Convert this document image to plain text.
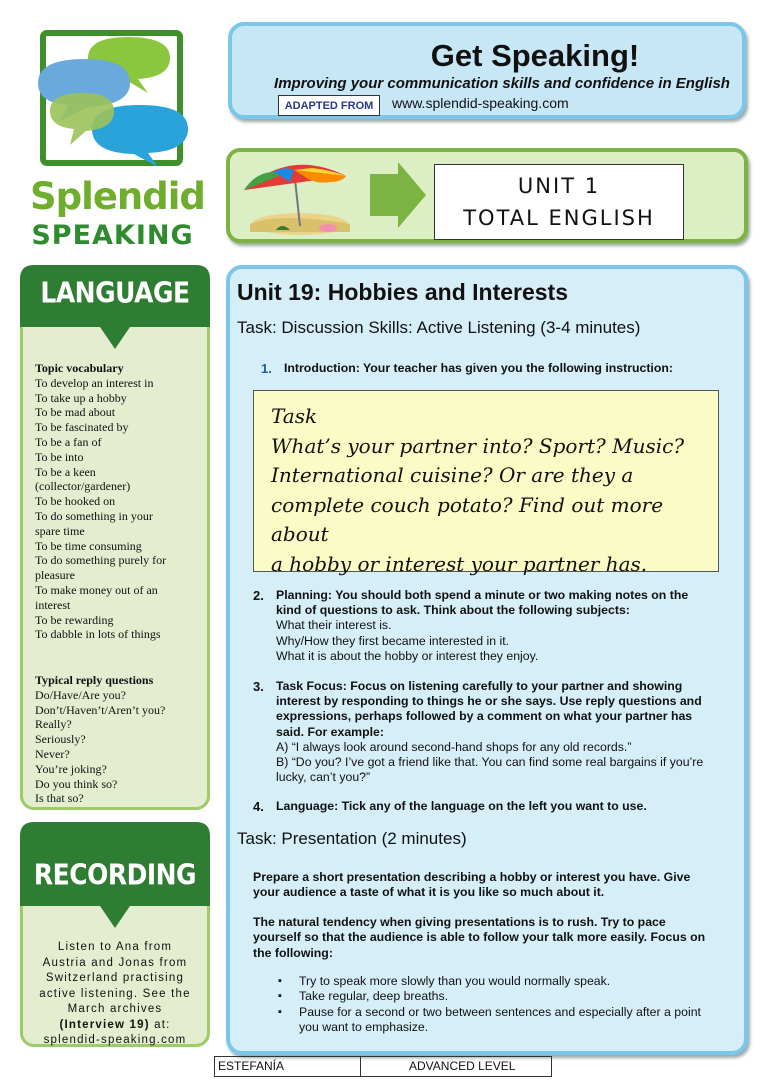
Splendid
SPEAKING
Get Speaking!
Improving your communication skills and confidence in English
ADAPTED FROM	www.splendid-speaking.com
UNIT 1
TOTAL ENGLISH
LANGUAGE
Topic vocabulary
To develop an interest in
To take up a hobby
To be mad about
To be fascinated by
To be a fan of
To be into
To be a keen
(collector/gardener)
To be hooked on
To do something in your
spare time
To be time consuming
To do something purely for
pleasure
To make money out of an
interest
To be rewarding
To dabble in lots of things
Typical reply questions
Do/Have/Are you?
Don’t/Haven’t/Aren’t you?
Really?
Seriously?
Never?
You’re joking?
Do you think so?
Is that so?
RECORDING
Listen to Ana from
Austria and Jonas from
Switzerland practising
active listening. See the
March archives
(Interview 19) at:
splendid-speaking.com
Unit 19: Hobbies and Interests
Task: Discussion Skills: Active Listening (3-4 minutes)
1. Introduction: Your teacher has given you the following instruction:
Task
What’s your partner into? Sport? Music?
International cuisine? Or are they a
complete couch potato? Find out more about
a hobby or interest your partner has.
2. Planning: You should both spend a minute or two making notes on the
kind of questions to ask. Think about the following subjects:
What their interest is.
Why/How they first became interested in it.
What it is about the hobby or interest they enjoy.
3. Task Focus: Focus on listening carefully to your partner and showing
interest by responding to things he or she says. Use reply questions and
expressions, perhaps followed by a comment on what your partner has
said. For example:
A) “I always look around second-hand shops for any old records.”
B) “Do you? I’ve got a friend like that. You can find some real bargains if you’re
lucky, can’t you?”
4. Language: Tick any of the language on the left you want to use.
Task: Presentation (2 minutes)
Prepare a short presentation describing a hobby or interest you have. Give
your audience a taste of what it is you like so much about it.
The natural tendency when giving presentations is to rush. Try to pace
yourself so that the audience is able to follow your talk more easily. Focus on
the following:
▪ Try to speak more slowly than you would normally speak.
▪ Take regular, deep breaths.
▪ Pause for a second or two between sentences and especially after a point
you want to emphasize.
ESTEFANÍA	ADVANCED LEVEL
